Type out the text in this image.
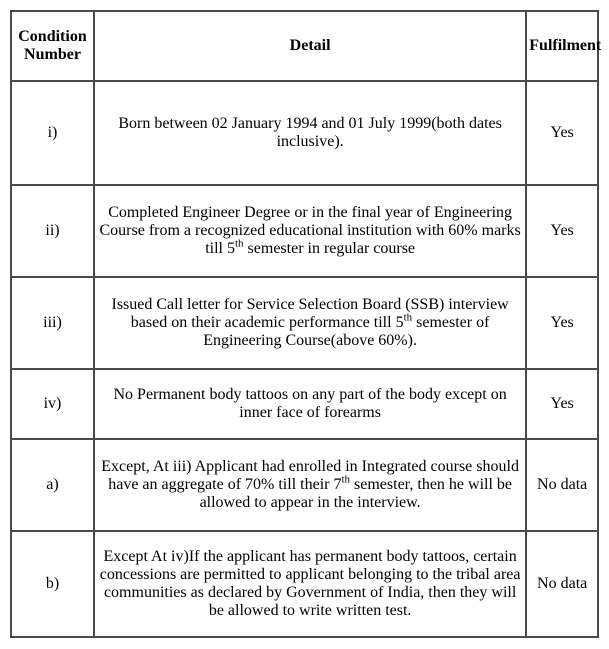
Condition Number	Detail	Fulfilment
i)	Born between 02 January 1994 and 01 July 1999(both dates inclusive).	Yes
ii)	Completed Engineer Degree or in the final year of Engineering Course from a recognized educational institution with 60% marks till 5th semester in regular course	Yes
iii)	Issued Call letter for Service Selection Board (SSB) interview based on their academic performance till 5th semester of Engineering Course(above 60%).	Yes
iv)	No Permanent body tattoos on any part of the body except on inner face of forearms	Yes
a)	Except, At iii) Applicant had enrolled in Integrated course should have an aggregate of 70% till their 7th semester, then he will be allowed to appear in the interview.	No data
b)	Except At iv)If the applicant has permanent body tattoos, certain concessions are permitted to applicant belonging to the tribal area communities as declared by Government of India, then they will be allowed to write written test.	No data
